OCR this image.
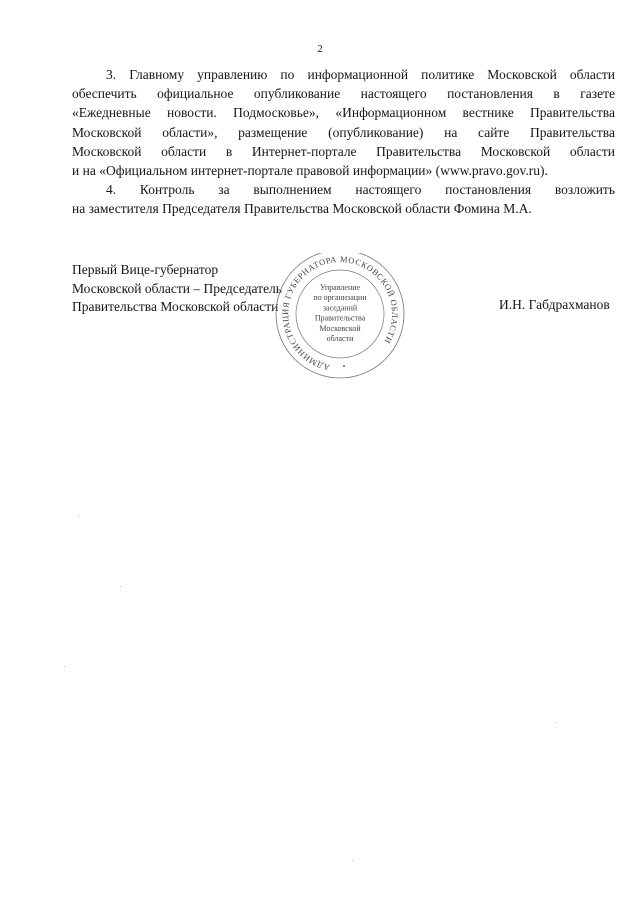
2

3. Главному управлению по информационной политике Московской области

обеспечить официальное опубликование настоящего постановления в газете

«Ежедневные новости. Подмосковье», «Информационном вестнике Правительства

Московской области», размещение (опубликование) на сайте Правительства

Московской области в Интернет-портале Правительства Московской области

и на «Официальном интернет-портале правовой информации» (www.pravo.gov.ru).

4. Контроль за выполнением настоящего постановления возложить

на заместителя Председателя Правительства Московской области Фомина М.А.

Первый Вице-губернатор
Московской области – Председатель
Правительства Московской области	И.Н. Габдрахманов
АДМИНИСТРАЦИЯ ГУБЕРНАТОРА МОСКОВСКОЙ ОБЛАСТИ
Управление
по организации
заседаний
Правительства
Московской
области
